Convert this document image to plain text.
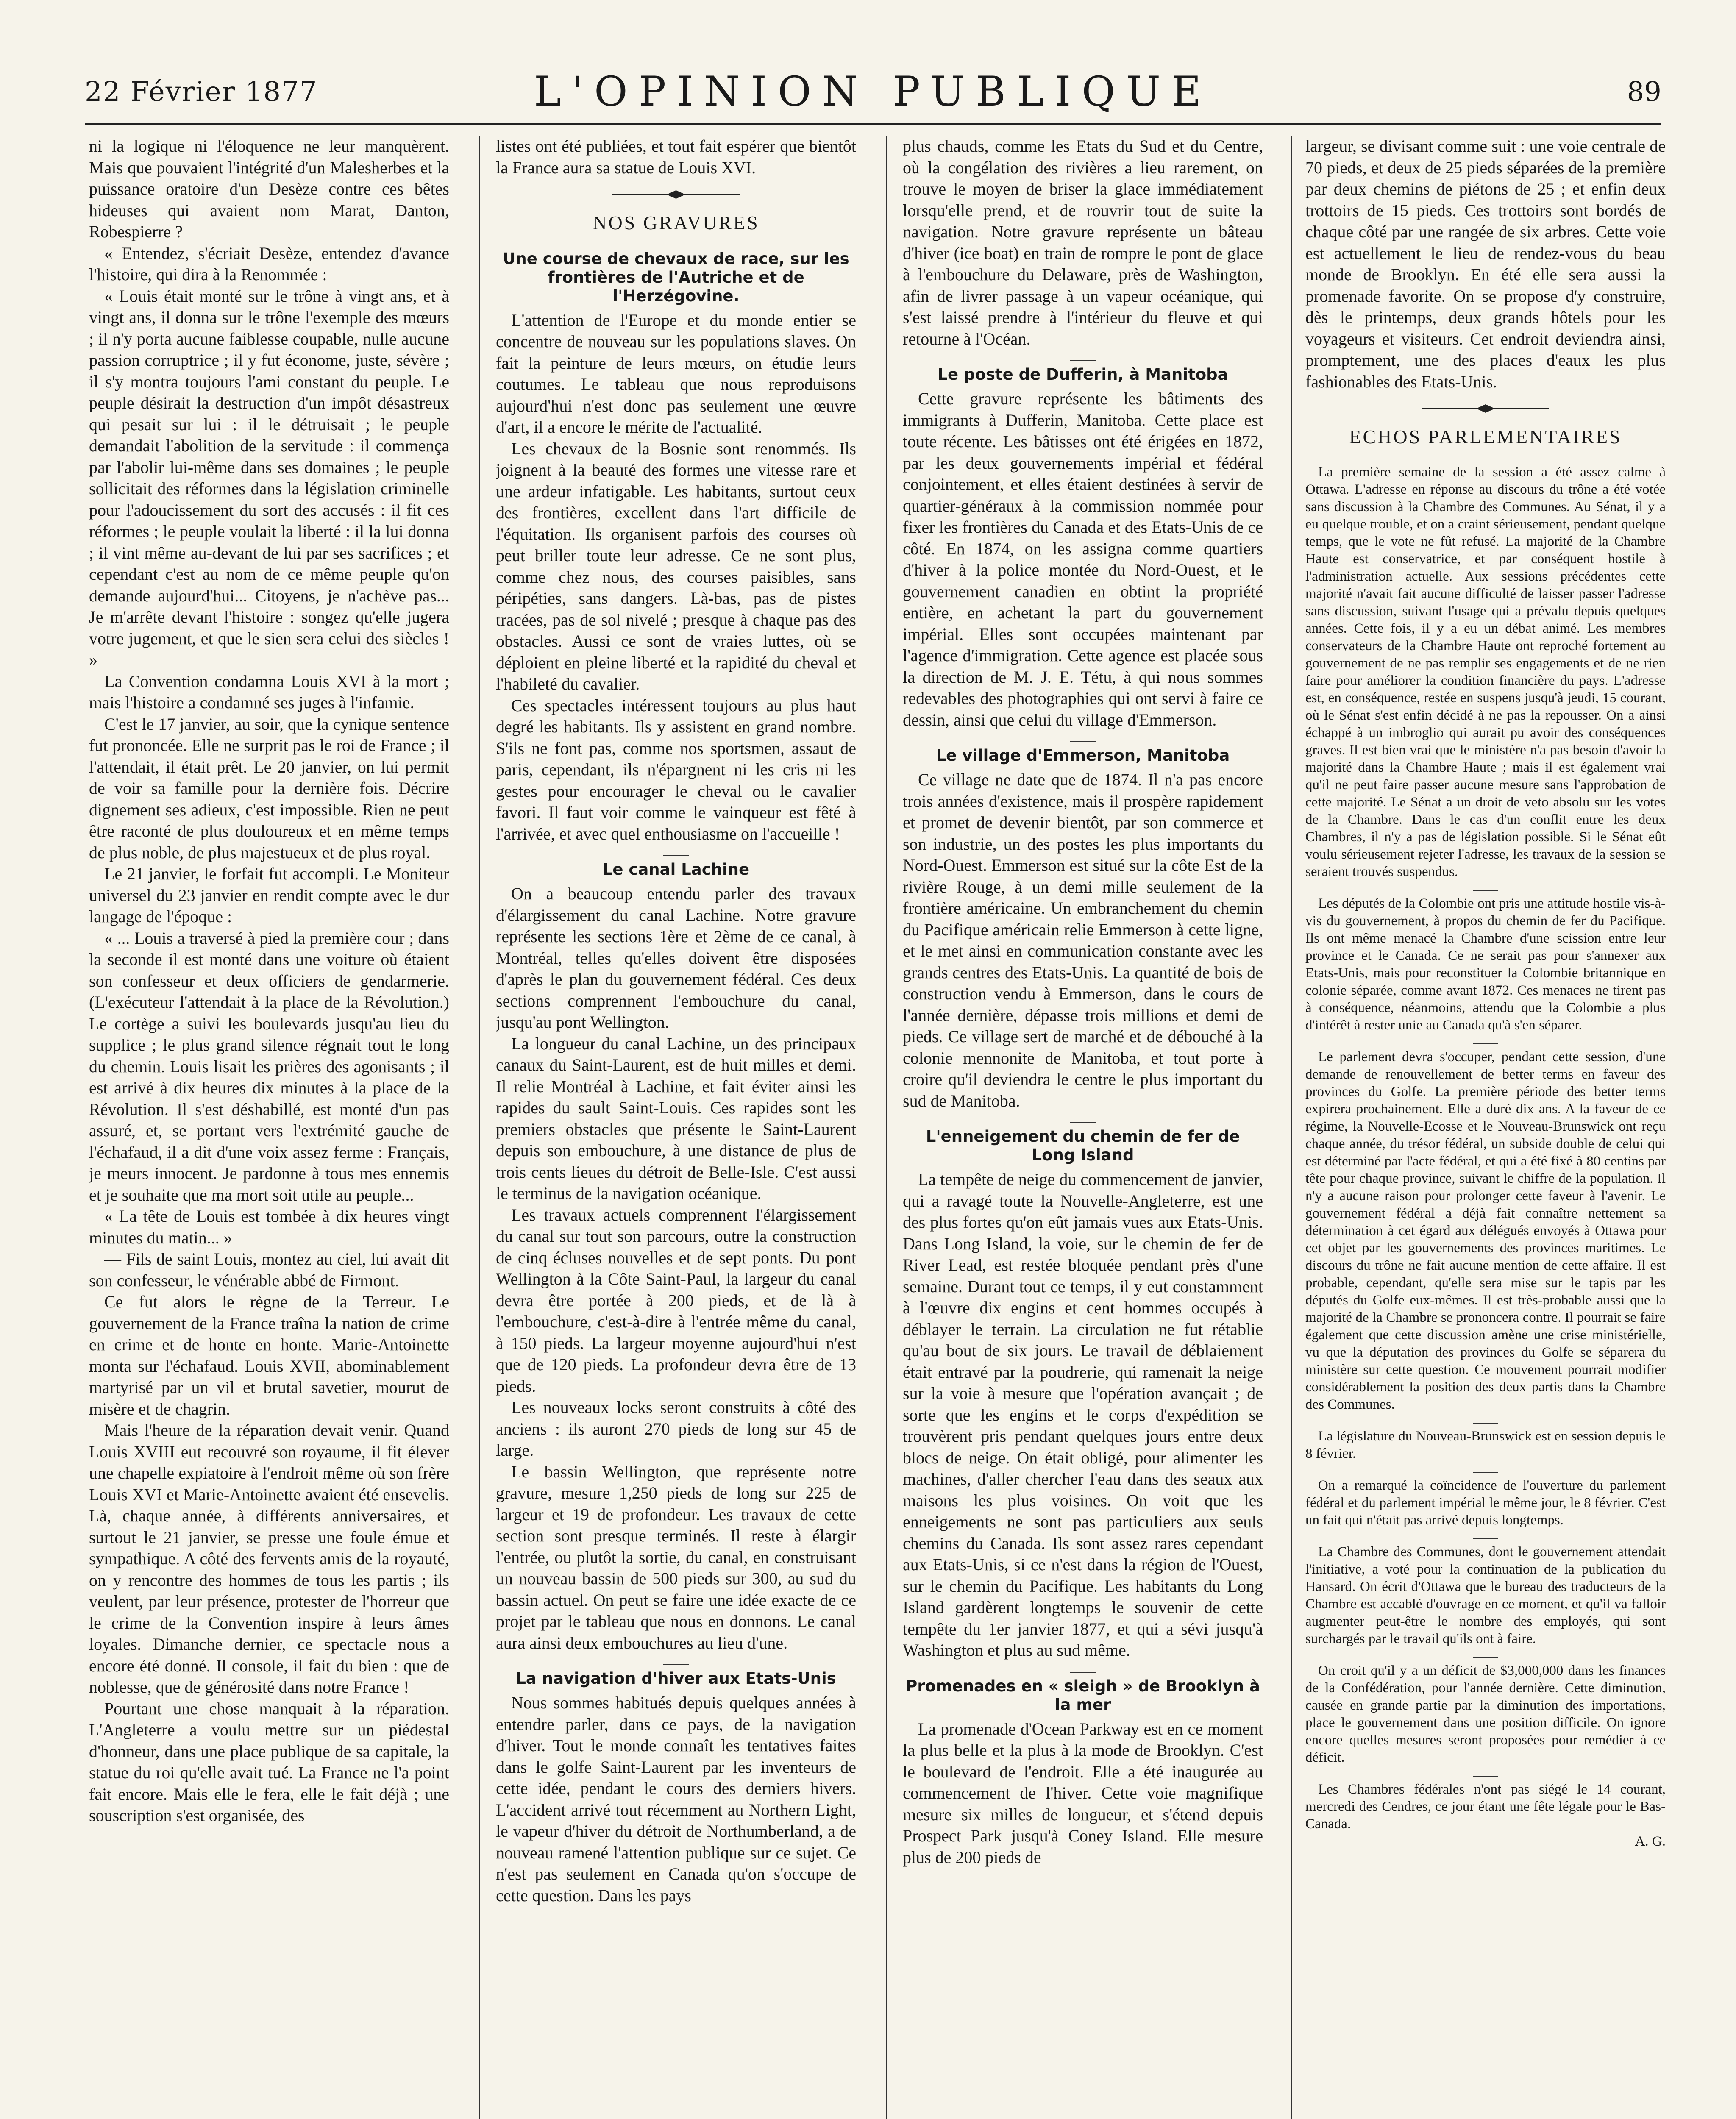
22 Février 1877	L'OPINION PUBLIQUE	89

ni la logique ni l'éloquence ne leur manquèrent. Mais que pouvaient l'intégrité d'un Malesherbes et la puissance oratoire d'un Desèze contre ces bêtes hideuses qui avaient nom Marat, Danton, Robespierre ?

« Entendez, s'écriait Desèze, entendez d'avance l'histoire, qui dira à la Renommée :

« Louis était monté sur le trône à vingt ans, et à vingt ans, il donna sur le trône l'exemple des mœurs ; il n'y porta aucune faiblesse coupable, nulle aucune passion corruptrice ; il y fut économe, juste, sévère ; il s'y montra toujours l'ami constant du peuple. Le peuple désirait la destruction d'un impôt désastreux qui pesait sur lui : il le détruisait ; le peuple demandait l'abolition de la servitude : il commença par l'abolir lui-même dans ses domaines ; le peuple sollicitait des réformes dans la législation criminelle pour l'adoucissement du sort des accusés : il fit ces réformes ; le peuple voulait la liberté : il la lui donna ; il vint même au-devant de lui par ses sacrifices ; et cependant c'est au nom de ce même peuple qu'on demande aujourd'hui... Citoyens, je n'achève pas... Je m'arrête devant l'histoire : songez qu'elle jugera votre jugement, et que le sien sera celui des siècles ! »

La Convention condamna Louis XVI à la mort ; mais l'histoire a condamné ses juges à l'infamie.

C'est le 17 janvier, au soir, que la cynique sentence fut prononcée. Elle ne surprit pas le roi de France ; il l'attendait, il était prêt. Le 20 janvier, on lui permit de voir sa famille pour la dernière fois. Décrire dignement ses adieux, c'est impossible. Rien ne peut être raconté de plus douloureux et en même temps de plus noble, de plus majestueux et de plus royal.

Le 21 janvier, le forfait fut accompli. Le Moniteur universel du 23 janvier en rendit compte avec le dur langage de l'époque :

« ... Louis a traversé à pied la première cour ; dans la seconde il est monté dans une voiture où étaient son confesseur et deux officiers de gendarmerie. (L'exécuteur l'attendait à la place de la Révolution.) Le cortège a suivi les boulevards jusqu'au lieu du supplice ; le plus grand silence régnait tout le long du chemin. Louis lisait les prières des agonisants ; il est arrivé à dix heures dix minutes à la place de la Révolution. Il s'est déshabillé, est monté d'un pas assuré, et, se portant vers l'extrémité gauche de l'échafaud, il a dit d'une voix assez ferme : Français, je meurs innocent. Je pardonne à tous mes ennemis et je souhaite que ma mort soit utile au peuple...

« La tête de Louis est tombée à dix heures vingt minutes du matin... »

— Fils de saint Louis, montez au ciel, lui avait dit son confesseur, le vénérable abbé de Firmont.

Ce fut alors le règne de la Terreur. Le gouvernement de la France traîna la nation de crime en crime et de honte en honte. Marie-Antoinette monta sur l'échafaud. Louis XVII, abominablement martyrisé par un vil et brutal savetier, mourut de misère et de chagrin.

Mais l'heure de la réparation devait venir. Quand Louis XVIII eut recouvré son royaume, il fit élever une chapelle expiatoire à l'endroit même où son frère Louis XVI et Marie-Antoinette avaient été ensevelis. Là, chaque année, à différents anniversaires, et surtout le 21 janvier, se presse une foule émue et sympathique. A côté des fervents amis de la royauté, on y rencontre des hommes de tous les partis ; ils veulent, par leur présence, protester de l'horreur que le crime de la Convention inspire à leurs âmes loyales. Dimanche dernier, ce spectacle nous a encore été donné. Il console, il fait du bien : que de noblesse, que de générosité dans notre France !

Pourtant une chose manquait à la réparation. L'Angleterre a voulu mettre sur un piédestal d'honneur, dans une place publique de sa capitale, la statue du roi qu'elle avait tué. La France ne l'a point fait encore. Mais elle le fera, elle le fait déjà ; une souscription s'est organisée, des

listes ont été publiées, et tout fait espérer que bientôt la France aura sa statue de Louis XVI.

NOS GRAVURES
Une course de chevaux de race, sur les frontières de l'Autriche et de l'Herzégovine.

L'attention de l'Europe et du monde entier se concentre de nouveau sur les populations slaves. On fait la peinture de leurs mœurs, on étudie leurs coutumes. Le tableau que nous reproduisons aujourd'hui n'est donc pas seulement une œuvre d'art, il a encore le mérite de l'actualité.

Les chevaux de la Bosnie sont renommés. Ils joignent à la beauté des formes une vitesse rare et une ardeur infatigable. Les habitants, surtout ceux des frontières, excellent dans l'art difficile de l'équitation. Ils organisent parfois des courses où peut briller toute leur adresse. Ce ne sont plus, comme chez nous, des courses paisibles, sans péripéties, sans dangers. Là-bas, pas de pistes tracées, pas de sol nivelé ; presque à chaque pas des obstacles. Aussi ce sont de vraies luttes, où se déploient en pleine liberté et la rapidité du cheval et l'habileté du cavalier.

Ces spectacles intéressent toujours au plus haut degré les habitants. Ils y assistent en grand nombre. S'ils ne font pas, comme nos sportsmen, assaut de paris, cependant, ils n'épargnent ni les cris ni les gestes pour encourager le cheval ou le cavalier favori. Il faut voir comme le vainqueur est fêté à l'arrivée, et avec quel enthousiasme on l'accueille !

Le canal Lachine

On a beaucoup entendu parler des travaux d'élargissement du canal Lachine. Notre gravure représente les sections 1ère et 2ème de ce canal, à Montréal, telles qu'elles doivent être disposées d'après le plan du gouvernement fédéral. Ces deux sections comprennent l'embouchure du canal, jusqu'au pont Wellington.

La longueur du canal Lachine, un des principaux canaux du Saint-Laurent, est de huit milles et demi. Il relie Montréal à Lachine, et fait éviter ainsi les rapides du sault Saint-Louis. Ces rapides sont les premiers obstacles que présente le Saint-Laurent depuis son embouchure, à une distance de plus de trois cents lieues du détroit de Belle-Isle. C'est aussi le terminus de la navigation océanique.

Les travaux actuels comprennent l'élargissement du canal sur tout son parcours, outre la construction de cinq écluses nouvelles et de sept ponts. Du pont Wellington à la Côte Saint-Paul, la largeur du canal devra être portée à 200 pieds, et de là à l'embouchure, c'est-à-dire à l'entrée même du canal, à 150 pieds. La largeur moyenne aujourd'hui n'est que de 120 pieds. La profondeur devra être de 13 pieds.

Les nouveaux locks seront construits à côté des anciens : ils auront 270 pieds de long sur 45 de large.

Le bassin Wellington, que représente notre gravure, mesure 1,250 pieds de long sur 225 de largeur et 19 de profondeur. Les travaux de cette section sont presque terminés. Il reste à élargir l'entrée, ou plutôt la sortie, du canal, en construisant un nouveau bassin de 500 pieds sur 300, au sud du bassin actuel. On peut se faire une idée exacte de ce projet par le tableau que nous en donnons. Le canal aura ainsi deux embouchures au lieu d'une.

La navigation d'hiver aux Etats-Unis

Nous sommes habitués depuis quelques années à entendre parler, dans ce pays, de la navigation d'hiver. Tout le monde connaît les tentatives faites dans le golfe Saint-Laurent par les inventeurs de cette idée, pendant le cours des derniers hivers. L'accident arrivé tout récemment au Northern Light, le vapeur d'hiver du détroit de Northumberland, a de nouveau ramené l'attention publique sur ce sujet. Ce n'est pas seulement en Canada qu'on s'occupe de cette question. Dans les pays

plus chauds, comme les Etats du Sud et du Centre, où la congélation des rivières a lieu rarement, on trouve le moyen de briser la glace immédiatement lorsqu'elle prend, et de rouvrir tout de suite la navigation. Notre gravure représente un bâteau d'hiver (ice boat) en train de rompre le pont de glace à l'embouchure du Delaware, près de Washington, afin de livrer passage à un vapeur océanique, qui s'est laissé prendre à l'intérieur du fleuve et qui retourne à l'Océan.

Le poste de Dufferin, à Manitoba

Cette gravure représente les bâtiments des immigrants à Dufferin, Manitoba. Cette place est toute récente. Les bâtisses ont été érigées en 1872, par les deux gouvernements impérial et fédéral conjointement, et elles étaient destinées à servir de quartier-généraux à la commission nommée pour fixer les frontières du Canada et des Etats-Unis de ce côté. En 1874, on les assigna comme quartiers d'hiver à la police montée du Nord-Ouest, et le gouvernement canadien en obtint la propriété entière, en achetant la part du gouvernement impérial. Elles sont occupées maintenant par l'agence d'immigration. Cette agence est placée sous la direction de M. J. E. Tétu, à qui nous sommes redevables des photographies qui ont servi à faire ce dessin, ainsi que celui du village d'Emmerson.

Le village d'Emmerson, Manitoba

Ce village ne date que de 1874. Il n'a pas encore trois années d'existence, mais il prospère rapidement et promet de devenir bientôt, par son commerce et son industrie, un des postes les plus importants du Nord-Ouest. Emmerson est situé sur la côte Est de la rivière Rouge, à un demi mille seulement de la frontière américaine. Un embranchement du chemin du Pacifique américain relie Emmerson à cette ligne, et le met ainsi en communication constante avec les grands centres des Etats-Unis. La quantité de bois de construction vendu à Emmerson, dans le cours de l'année dernière, dépasse trois millions et demi de pieds. Ce village sert de marché et de débouché à la colonie mennonite de Manitoba, et tout porte à croire qu'il deviendra le centre le plus important du sud de Manitoba.

L'enneigement du chemin de fer de Long Island

La tempête de neige du commencement de janvier, qui a ravagé toute la Nouvelle-Angleterre, est une des plus fortes qu'on eût jamais vues aux Etats-Unis. Dans Long Island, la voie, sur le chemin de fer de River Lead, est restée bloquée pendant près d'une semaine. Durant tout ce temps, il y eut constamment à l'œuvre dix engins et cent hommes occupés à déblayer le terrain. La circulation ne fut rétablie qu'au bout de six jours. Le travail de déblaiement était entravé par la poudrerie, qui ramenait la neige sur la voie à mesure que l'opération avançait ; de sorte que les engins et le corps d'expédition se trouvèrent pris pendant quelques jours entre deux blocs de neige. On était obligé, pour alimenter les machines, d'aller chercher l'eau dans des seaux aux maisons les plus voisines. On voit que les enneigements ne sont pas particuliers aux seuls chemins du Canada. Ils sont assez rares cependant aux Etats-Unis, si ce n'est dans la région de l'Ouest, sur le chemin du Pacifique. Les habitants du Long Island gardèrent longtemps le souvenir de cette tempête du 1er janvier 1877, et qui a sévi jusqu'à Washington et plus au sud même.

Promenades en « sleigh » de Brooklyn à la mer

La promenade d'Ocean Parkway est en ce moment la plus belle et la plus à la mode de Brooklyn. C'est le boulevard de l'endroit. Elle a été inaugurée au commencement de l'hiver. Cette voie magnifique mesure six milles de longueur, et s'étend depuis Prospect Park jusqu'à Coney Island. Elle mesure plus de 200 pieds de

largeur, se divisant comme suit : une voie centrale de 70 pieds, et deux de 25 pieds séparées de la première par deux chemins de piétons de 25 ; et enfin deux trottoirs de 15 pieds. Ces trottoirs sont bordés de chaque côté par une rangée de six arbres. Cette voie est actuellement le lieu de rendez-vous du beau monde de Brooklyn. En été elle sera aussi la promenade favorite. On se propose d'y construire, dès le printemps, deux grands hôtels pour les voyageurs et visiteurs. Cet endroit deviendra ainsi, promptement, une des places d'eaux les plus fashionables des Etats-Unis.

ECHOS PARLEMENTAIRES

La première semaine de la session a été assez calme à Ottawa. L'adresse en réponse au discours du trône a été votée sans discussion à la Chambre des Communes. Au Sénat, il y a eu quelque trouble, et on a craint sérieusement, pendant quelque temps, que le vote ne fût refusé. La majorité de la Chambre Haute est conservatrice, et par conséquent hostile à l'administration actuelle. Aux sessions précédentes cette majorité n'avait fait aucune difficulté de laisser passer l'adresse sans discussion, suivant l'usage qui a prévalu depuis quelques années. Cette fois, il y a eu un débat animé. Les membres conservateurs de la Chambre Haute ont reproché fortement au gouvernement de ne pas remplir ses engagements et de ne rien faire pour améliorer la condition financière du pays. L'adresse est, en conséquence, restée en suspens jusqu'à jeudi, 15 courant, où le Sénat s'est enfin décidé à ne pas la repousser. On a ainsi échappé à un imbroglio qui aurait pu avoir des conséquences graves. Il est bien vrai que le ministère n'a pas besoin d'avoir la majorité dans la Chambre Haute ; mais il est également vrai qu'il ne peut faire passer aucune mesure sans l'approbation de cette majorité. Le Sénat a un droit de veto absolu sur les votes de la Chambre. Dans le cas d'un conflit entre les deux Chambres, il n'y a pas de législation possible. Si le Sénat eût voulu sérieusement rejeter l'adresse, les travaux de la session se seraient trouvés suspendus.

Les députés de la Colombie ont pris une attitude hostile vis-à-vis du gouvernement, à propos du chemin de fer du Pacifique. Ils ont même menacé la Chambre d'une scission entre leur province et le Canada. Ce ne serait pas pour s'annexer aux Etats-Unis, mais pour reconstituer la Colombie britannique en colonie séparée, comme avant 1872. Ces menaces ne tirent pas à conséquence, néanmoins, attendu que la Colombie a plus d'intérêt à rester unie au Canada qu'à s'en séparer.

Le parlement devra s'occuper, pendant cette session, d'une demande de renouvellement de better terms en faveur des provinces du Golfe. La première période des better terms expirera prochainement. Elle a duré dix ans. A la faveur de ce régime, la Nouvelle-Ecosse et le Nouveau-Brunswick ont reçu chaque année, du trésor fédéral, un subside double de celui qui est déterminé par l'acte fédéral, et qui a été fixé à 80 centins par tête pour chaque province, suivant le chiffre de la population. Il n'y a aucune raison pour prolonger cette faveur à l'avenir. Le gouvernement fédéral a déjà fait connaître nettement sa détermination à cet égard aux délégués envoyés à Ottawa pour cet objet par les gouvernements des provinces maritimes. Le discours du trône ne fait aucune mention de cette affaire. Il est probable, cependant, qu'elle sera mise sur le tapis par les députés du Golfe eux-mêmes. Il est très-probable aussi que la majorité de la Chambre se prononcera contre. Il pourrait se faire également que cette discussion amène une crise ministérielle, vu que la députation des provinces du Golfe se séparera du ministère sur cette question. Ce mouvement pourrait modifier considérablement la position des deux partis dans la Chambre des Communes.

La législature du Nouveau-Brunswick est en session depuis le 8 février.

On a remarqué la coïncidence de l'ouverture du parlement fédéral et du parlement impérial le même jour, le 8 février. C'est un fait qui n'était pas arrivé depuis longtemps.

La Chambre des Communes, dont le gouvernement attendait l'initiative, a voté pour la continuation de la publication du Hansard. On écrit d'Ottawa que le bureau des traducteurs de la Chambre est accablé d'ouvrage en ce moment, et qu'il va falloir augmenter peut-être le nombre des employés, qui sont surchargés par le travail qu'ils ont à faire.

On croit qu'il y a un déficit de $3,000,000 dans les finances de la Confédération, pour l'année dernière. Cette diminution, causée en grande partie par la diminution des importations, place le gouvernement dans une position difficile. On ignore encore quelles mesures seront proposées pour remédier à ce déficit.

Les Chambres fédérales n'ont pas siégé le 14 courant, mercredi des Cendres, ce jour étant une fête légale pour le Bas-Canada.

A. G.
